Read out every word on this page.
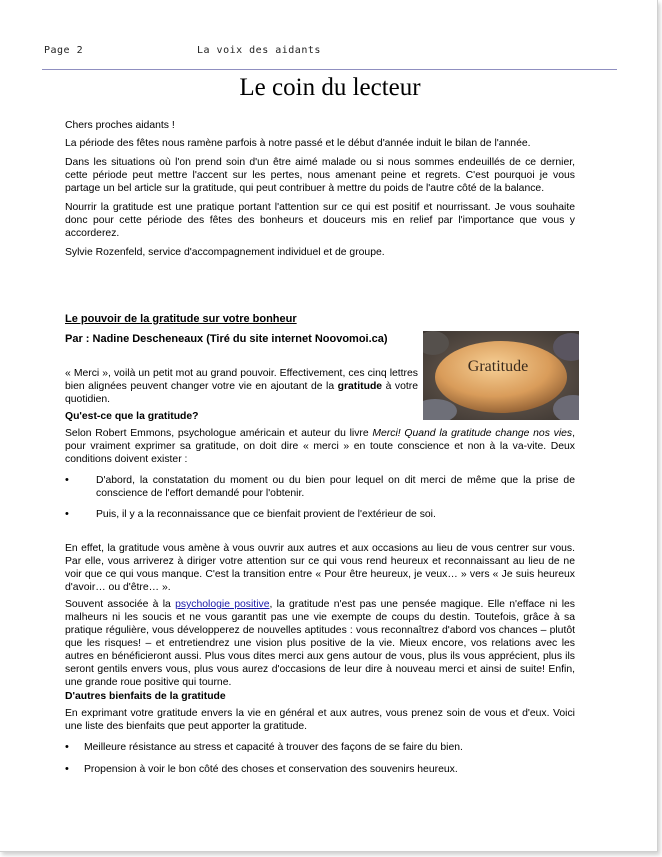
Page 2	La voix des aidants
Le coin du lecteur

Chers proches aidants !

La période des fêtes nous ramène parfois à notre passé et le début d'année induit le bilan de l'année.

Dans les situations où l'on prend soin d'un être aimé malade ou si nous sommes endeuillés de ce dernier, cette période peut mettre l'accent sur les pertes, nous amenant peine et regrets. C'est pourquoi je vous partage un bel article sur la gratitude, qui peut contribuer à mettre du poids de l'autre côté de la balance.

Nourrir la gratitude est une pratique portant l'attention sur ce qui est positif et nourrissant. Je vous souhaite donc pour cette période des fêtes des bonheurs et douceurs mis en relief par l'importance que vous y accorderez.

Sylvie Rozenfeld, service d'accompagnement individuel et de groupe.

Le pouvoir de la gratitude sur votre bonheur
Par : Nadine Descheneaux (Tiré du site internet Noovomoi.ca)
Gratitude
« Merci », voilà un petit mot au grand pouvoir. Effectivement, ces cinq lettres bien alignées peuvent changer votre vie en ajoutant de la gratitude à votre quotidien.
Qu'est-ce que la gratitude?
Selon Robert Emmons, psychologue américain et auteur du livre Merci! Quand la gratitude change nos vies, pour vraiment exprimer sa gratitude, on doit dire « merci » en toute conscience et non à la va-vite. Deux conditions doivent exister :
•	D'abord, la constatation du moment ou du bien pour lequel on dit merci de même que la prise de conscience de l'effort demandé pour l'obtenir.
•	Puis, il y a la reconnaissance que ce bienfait provient de l'extérieur de soi.
En effet, la gratitude vous amène à vous ouvrir aux autres et aux occasions au lieu de vous centrer sur vous. Par elle, vous arriverez à diriger votre attention sur ce qui vous rend heureux et reconnaissant au lieu de ne voir que ce qui vous manque. C'est la transition entre « Pour être heureux, je veux… » vers « Je suis heureux d'avoir… ou d'être… ».
Souvent associée à la psychologie positive, la gratitude n'est pas une pensée magique. Elle n'efface ni les malheurs ni les soucis et ne vous garantit pas une vie exempte de coups du destin. Toutefois, grâce à sa pratique régulière, vous développerez de nouvelles aptitudes : vous reconnaîtrez d'abord vos chances – plutôt que les risques! – et entretiendrez une vision plus positive de la vie. Mieux encore, vos relations avec les autres en bénéficieront aussi. Plus vous dites merci aux gens autour de vous, plus ils vous apprécient, plus ils seront gentils envers vous, plus vous aurez d'occasions de leur dire à nouveau merci et ainsi de suite! Enfin, une grande roue positive qui tourne.
D'autres bienfaits de la gratitude
En exprimant votre gratitude envers la vie en général et aux autres, vous prenez soin de vous et d'eux. Voici une liste des bienfaits que peut apporter la gratitude.
• Meilleure résistance au stress et capacité à trouver des façons de se faire du bien.
• Propension à voir le bon côté des choses et conservation des souvenirs heureux.
